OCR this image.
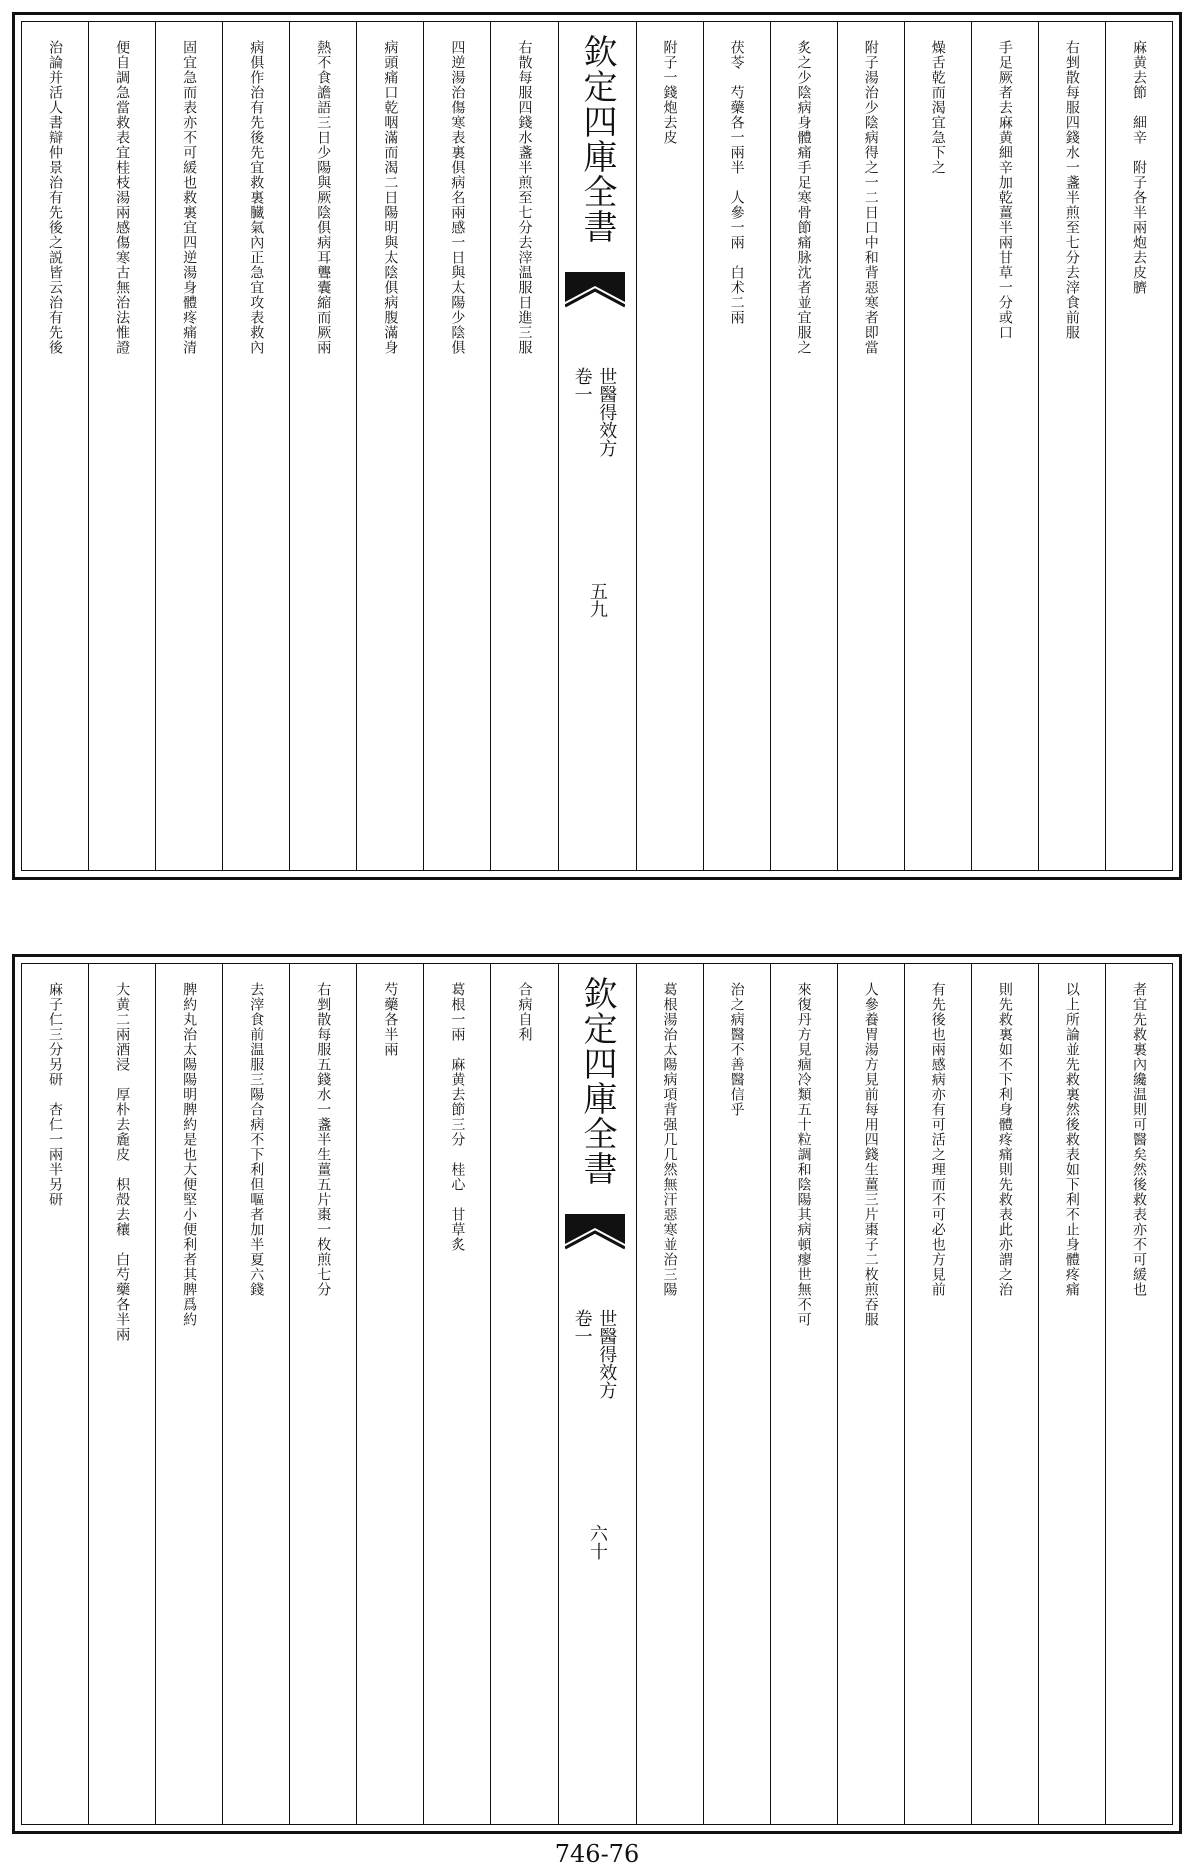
麻黄去節　細辛　附子各半兩炮去皮臍
右剉散每服四錢水一盞半煎至七分去滓食前服
手足厥者去麻黄細辛加乾薑半兩甘草一分或口
燥舌乾而渴宜急下之
附子湯治少陰病得之一二日口中和背惡寒者即當
炙之少陰病身體痛手足寒骨節痛脉沈者並宜服之
茯苓　芍藥各一兩半　人參一兩　白术二兩
附子一錢炮去皮
欽定四庫全書
世醫得效方
卷一
五九
右散每服四錢水盞半煎至七分去滓温服日進三服
四逆湯治傷寒表裏俱病名兩感一日與太陽少陰俱
病頭痛口乾咽滿而渴二日陽明與太陰俱病腹滿身
熱不食譫語三日少陽與厥陰俱病耳聾囊縮而厥兩
病俱作治有先後先宜救裏臓氣內正急宜攻表救內
固宜急而表亦不可緩也救裏宜四逆湯身體疼痛清
便自調急當救表宜桂枝湯兩感傷寒古無治法惟證
治論并活人書辯仲景治有先後之説皆云治有先後
者宜先救裏內纔温則可醫矣然後救表亦不可緩也
以上所論並先救裏然後救表如下利不止身體疼痛
則先救裏如不下利身體疼痛則先救表此亦謂之治
有先後也兩感病亦有可活之理而不可必也方見前
人參養胃湯方見前每用四錢生薑三片棗子二枚煎吞服
來復丹方見痼冷類五十粒調和陰陽其病頓瘳世無不可
治之病醫不善醫信乎
葛根湯治太陽病項背强几几然無汗惡寒並治三陽
欽定四庫全書
世醫得效方
卷一
六十
合病自利
葛根一兩　麻黄去節三分　桂心　甘草炙
芍藥各半兩
右剉散每服五錢水一盞半生薑五片棗一枚煎七分
去滓食前温服三陽合病不下利但嘔者加半夏六錢
脾約丸治太陽陽明脾約是也大便堅小便利者其脾爲約
大黄二兩酒浸　厚朴去麁皮　枳殻去穰　白芍藥各半兩
麻子仁三分另研　杏仁一兩半另研
746-76
